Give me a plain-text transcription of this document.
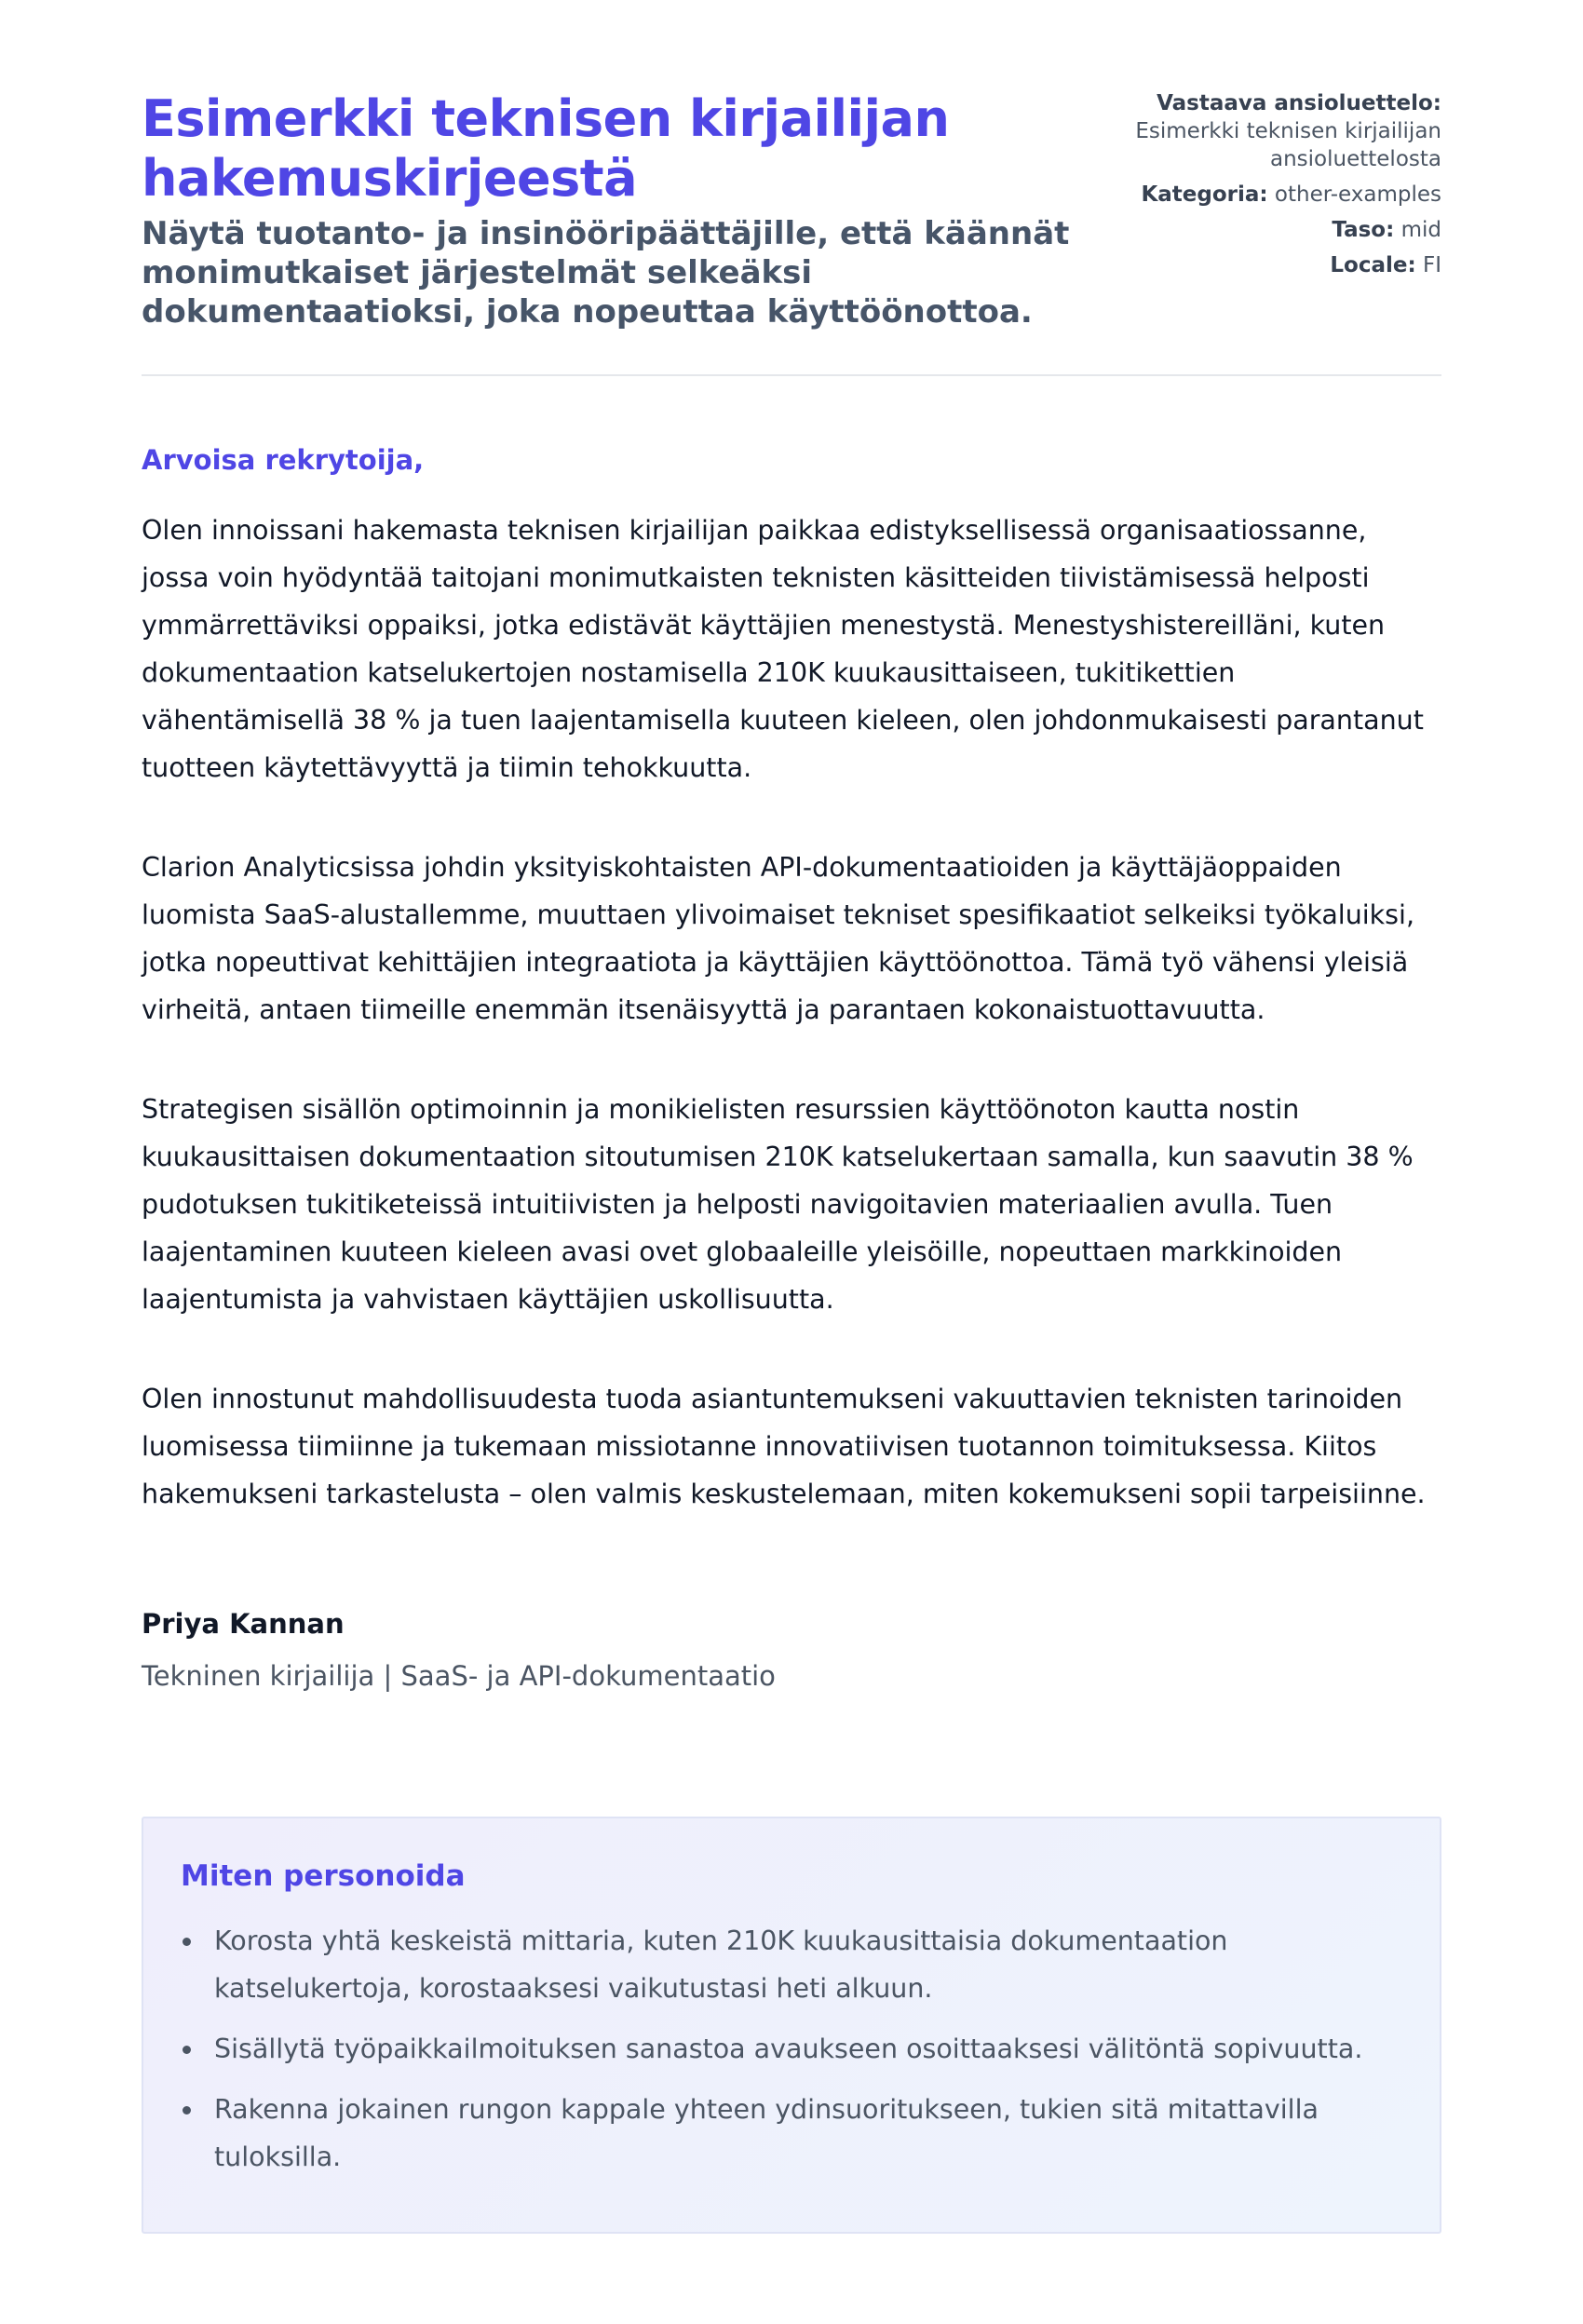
Esimerkki teknisen kirjailijan hakemuskirjeestä
Näytä tuotanto- ja insinööripäättäjille, että käännät monimutkaiset järjestelmät selkeäksi dokumentaatioksi, joka nopeuttaa käyttöönottoa.
Vastaava ansioluettelo:
Esimerkki teknisen kirjailijan ansioluettelosta
Kategoria: other-examples
Taso: mid
Locale: FI

Arvoisa rekrytoija,

Olen innoissani hakemasta teknisen kirjailijan paikkaa edistyksellisessä organisaatiossanne, jossa voin hyödyntää taitojani monimutkaisten teknisten käsitteiden tiivistämisessä helposti ymmärrettäviksi oppaiksi, jotka edistävät käyttäjien menestystä. Menestyshistereilläni, kuten dokumentaation katselukertojen nostamisella 210K kuukausittaiseen, tukitikettien vähentämisellä 38 % ja tuen laajentamisella kuuteen kieleen, olen johdonmukaisesti parantanut tuotteen käytettävyyttä ja tiimin tehokkuutta.

Clarion Analyticsissa johdin yksityiskohtaisten API-dokumentaatioiden ja käyttäjäoppaiden luomista SaaS-alustallemme, muuttaen ylivoimaiset tekniset spesifikaatiot selkeiksi työkaluiksi, jotka nopeuttivat kehittäjien integraatiota ja käyttäjien käyttöönottoa. Tämä työ vähensi yleisiä virheitä, antaen tiimeille enemmän itsenäisyyttä ja parantaen kokonaistuottavuutta.

Strategisen sisällön optimoinnin ja monikielisten resurssien käyttöönoton kautta nostin kuukausittaisen dokumentaation sitoutumisen 210K katselukertaan samalla, kun saavutin 38 % pudotuksen tukitiketeissä intuitiivisten ja helposti navigoitavien materiaalien avulla. Tuen laajentaminen kuuteen kieleen avasi ovet globaaleille yleisöille, nopeuttaen markkinoiden laajentumista ja vahvistaen käyttäjien uskollisuutta.

Olen innostunut mahdollisuudesta tuoda asiantuntemukseni vakuuttavien teknisten tarinoiden luomisessa tiimiinne ja tukemaan missiotanne innovatiivisen tuotannon toimituksessa. Kiitos hakemukseni tarkastelusta – olen valmis keskustelemaan, miten kokemukseni sopii tarpeisiinne.

Priya Kannan
Tekninen kirjailija | SaaS- ja API-dokumentaatio
Miten personoida
Korosta yhtä keskeistä mittaria, kuten 210K kuukausittaisia dokumentaation katselukertoja, korostaaksesi vaikutustasi heti alkuun.
Sisällytä työpaikkailmoituksen sanastoa avaukseen osoittaaksesi välitöntä sopivuutta.
Rakenna jokainen rungon kappale yhteen ydinsuoritukseen, tukien sitä mitattavilla tuloksilla.
